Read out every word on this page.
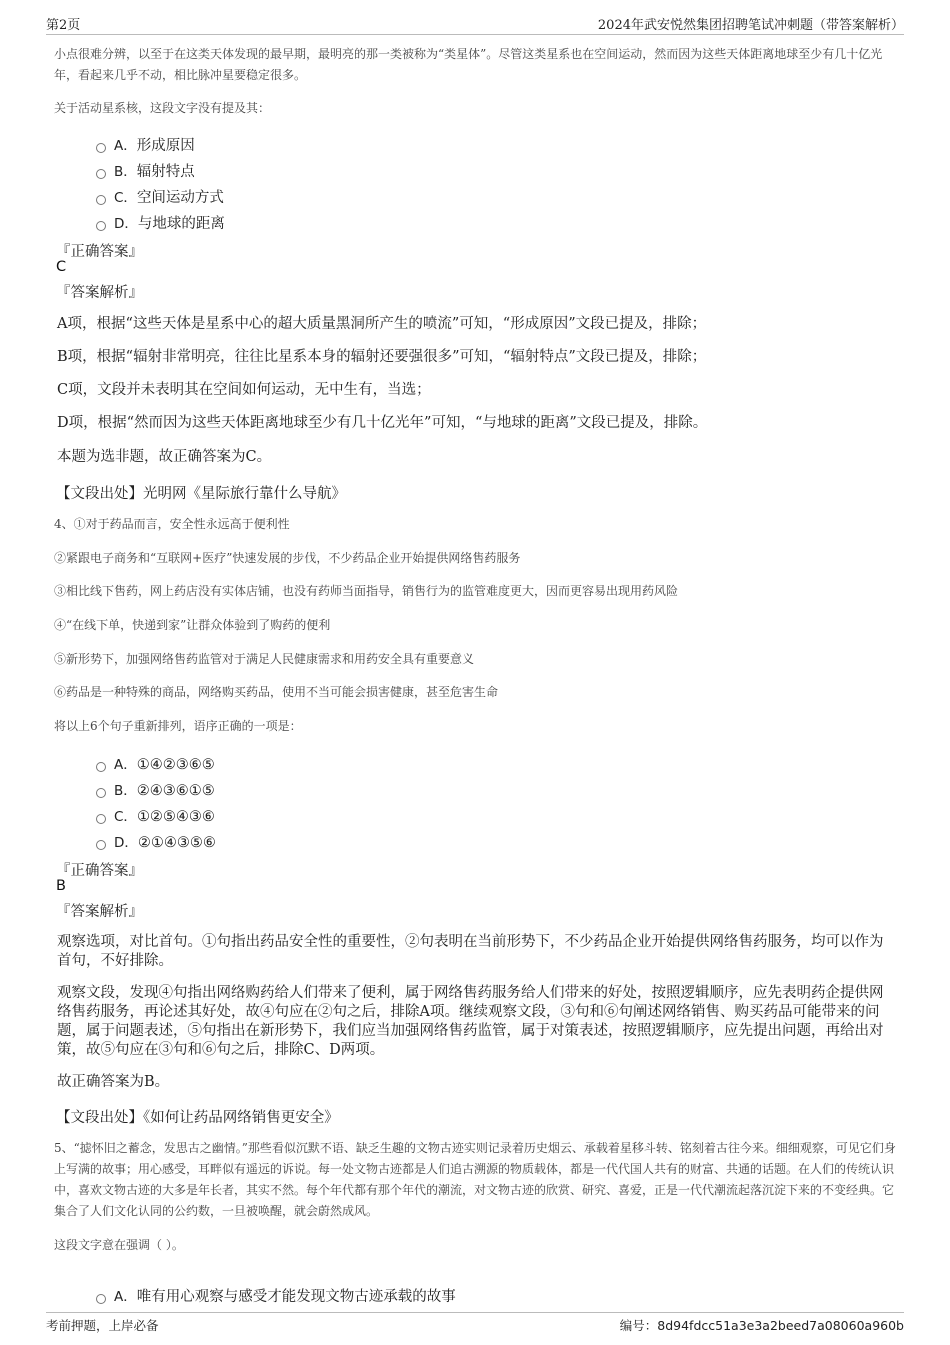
第2页	2024年武安悦然集团招聘笔试冲刺题（带答案解析）
小点很难分辨，以至于在这类天体发现的最早期，最明亮的那一类被称为“类星体”。尽管这类星系也在空间运动，然而因为这些天体距离地球至少有几十亿光年，看起来几乎不动，相比脉冲星要稳定很多。
关于活动星系核，这段文字没有提及其：
A．形成原因
B．辐射特点
C．空间运动方式
D．与地球的距离
『正确答案』
C
『答案解析』
A项，根据“这些天体是星系中心的超大质量黑洞所产生的喷流”可知，“形成原因”文段已提及，排除；
B项，根据“辐射非常明亮，往往比星系本身的辐射还要强很多”可知，“辐射特点”文段已提及，排除；
C项，文段并未表明其在空间如何运动，无中生有，当选；
D项，根据“然而因为这些天体距离地球至少有几十亿光年”可知，“与地球的距离”文段已提及，排除。
本题为选非题，故正确答案为C。
【文段出处】光明网《星际旅行靠什么导航》
4、①对于药品而言，安全性永远高于便利性
②紧跟电子商务和“互联网+医疗”快速发展的步伐，不少药品企业开始提供网络售药服务
③相比线下售药，网上药店没有实体店铺，也没有药师当面指导，销售行为的监管难度更大，因而更容易出现用药风险
④“在线下单，快递到家”让群众体验到了购药的便利
⑤新形势下，加强网络售药监管对于满足人民健康需求和用药安全具有重要意义
⑥药品是一种特殊的商品，网络购买药品，使用不当可能会损害健康，甚至危害生命
将以上6个句子重新排列，语序正确的一项是：
A．①④②③⑥⑤
B．②④③⑥①⑤
C．①②⑤④③⑥
D．②①④③⑤⑥
『正确答案』
B
『答案解析』
观察选项，对比首句。①句指出药品安全性的重要性，②句表明在当前形势下，不少药品企业开始提供网络售药服务，均可以作为首句，不好排除。
观察文段，发现④句指出网络购药给人们带来了便利，属于网络售药服务给人们带来的好处，按照逻辑顺序，应先表明药企提供网络售药服务，再论述其好处，故④句应在②句之后，排除A项。继续观察文段，③句和⑥句阐述网络销售、购买药品可能带来的问题，属于问题表述，⑤句指出在新形势下，我们应当加强网络售药监管，属于对策表述，按照逻辑顺序，应先提出问题，再给出对策，故⑤句应在③句和⑥句之后，排除C、D两项。
故正确答案为B。
【文段出处】《如何让药品网络销售更安全》
5、“摅怀旧之蓄念，发思古之幽情。”那些看似沉默不语、缺乏生趣的文物古迹实则记录着历史烟云、承载着星移斗转、铭刻着古往今来。细细观察，可见它们身上写满的故事；用心感受，耳畔似有遥远的诉说。每一处文物古迹都是人们追古溯源的物质载体，都是一代代国人共有的财富、共通的话题。在人们的传统认识中，喜欢文物古迹的大多是年长者，其实不然。每个年代都有那个年代的潮流，对文物古迹的欣赏、研究、喜爱，正是一代代潮流起落沉淀下来的不变经典。它集合了人们文化认同的公约数，一旦被唤醒，就会蔚然成风。
这段文字意在强调（ ）。
A．唯有用心观察与感受才能发现文物古迹承载的故事
考前押题，上岸必备	编号：8d94fdcc51a3e3a2beed7a08060a960b
